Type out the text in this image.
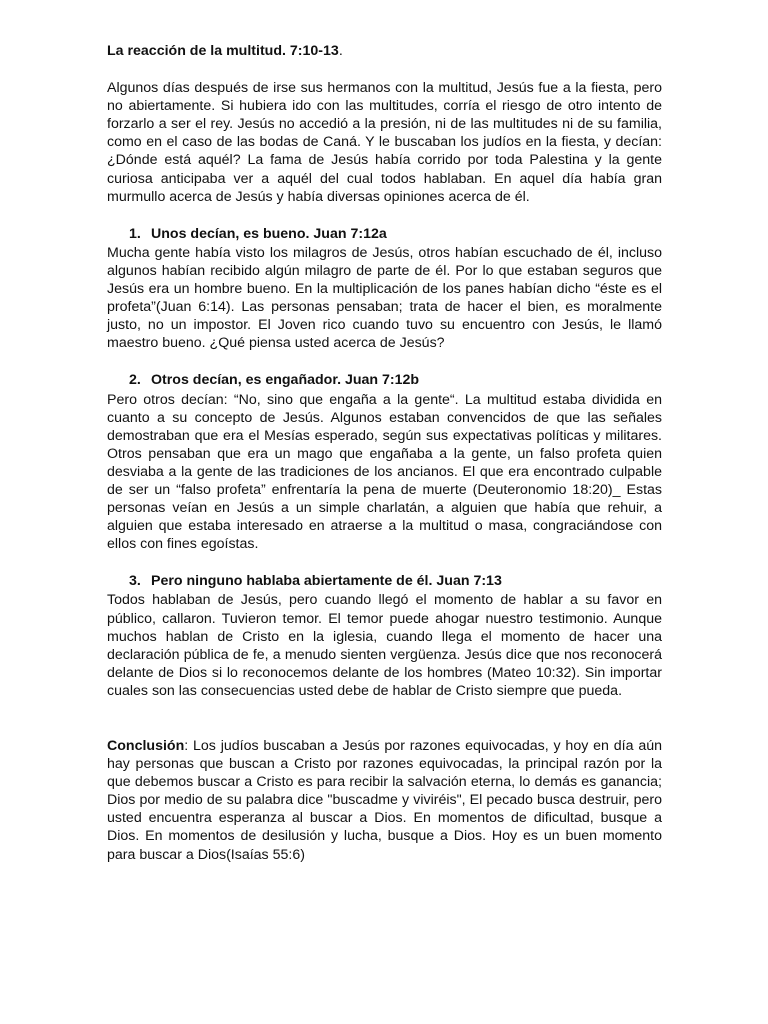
La reacción de la multitud. 7:10-13.

Algunos días después de irse sus hermanos con la multitud, Jesús fue a la fiesta, pero no abiertamente. Si hubiera ido con las multitudes, corría el riesgo de otro intento de forzarlo a ser el rey. Jesús no accedió a la presión, ni de las multitudes ni de su familia, como en el caso de las bodas de Caná. Y le buscaban los judíos en la fiesta, y decían: ¿Dónde está aquél? La fama de Jesús había corrido por toda Palestina y la gente curiosa anticipaba ver a aquél del cual todos hablaban. En aquel día había gran murmullo acerca de Jesús y había diversas opiniones acerca de él.

1. Unos decían, es bueno. Juan 7:12a

Mucha gente había visto los milagros de Jesús, otros habían escuchado de él, incluso algunos habían recibido algún milagro de parte de él. Por lo que estaban seguros que Jesús era un hombre bueno. En la multiplicación de los panes habían dicho “éste es el profeta”(Juan 6:14). Las personas pensaban; trata de hacer el bien, es moralmente justo, no un impostor. El Joven rico cuando tuvo su encuentro con Jesús, le llamó maestro bueno. ¿Qué piensa usted acerca de Jesús?

2. Otros decían, es engañador. Juan 7:12b

Pero otros decían: “No, sino que engaña a la gente“. La multitud estaba dividida en cuanto a su concepto de Jesús. Algunos estaban convencidos de que las señales demostraban que era el Mesías esperado, según sus expectativas políticas y militares. Otros pensaban que era un mago que engañaba a la gente, un falso profeta quien desviaba a la gente de las tradiciones de los ancianos. El que era encontrado culpable de ser un “falso profeta” enfrentaría la pena de muerte (Deuteronomio 18:20)_ Estas personas veían en Jesús a un simple charlatán, a alguien que había que rehuir, a alguien que estaba interesado en atraerse a la multitud o masa, congraciándose con ellos con fines egoístas.

3. Pero ninguno hablaba abiertamente de él. Juan 7:13

Todos hablaban de Jesús, pero cuando llegó el momento de hablar a su favor en público, callaron. Tuvieron temor. El temor puede ahogar nuestro testimonio. Aunque muchos hablan de Cristo en la iglesia, cuando llega el momento de hacer una declaración pública de fe, a menudo sienten vergüenza. Jesús dice que nos reconocerá delante de Dios si lo reconocemos delante de los hombres (Mateo 10:32). Sin importar cuales son las consecuencias usted debe de hablar de Cristo siempre que pueda.

Conclusión: Los judíos buscaban a Jesús por razones equivocadas, y hoy en día aún hay personas que buscan a Cristo por razones equivocadas, la principal razón por la que debemos buscar a Cristo es para recibir la salvación eterna, lo demás es ganancia; Dios por medio de su palabra dice "buscadme y viviréis", El pecado busca destruir, pero usted encuentra esperanza al buscar a Dios. En momentos de dificultad, busque a Dios. En momentos de desilusión y lucha, busque a Dios. Hoy es un buen momento para buscar a Dios(Isaías 55:6)
